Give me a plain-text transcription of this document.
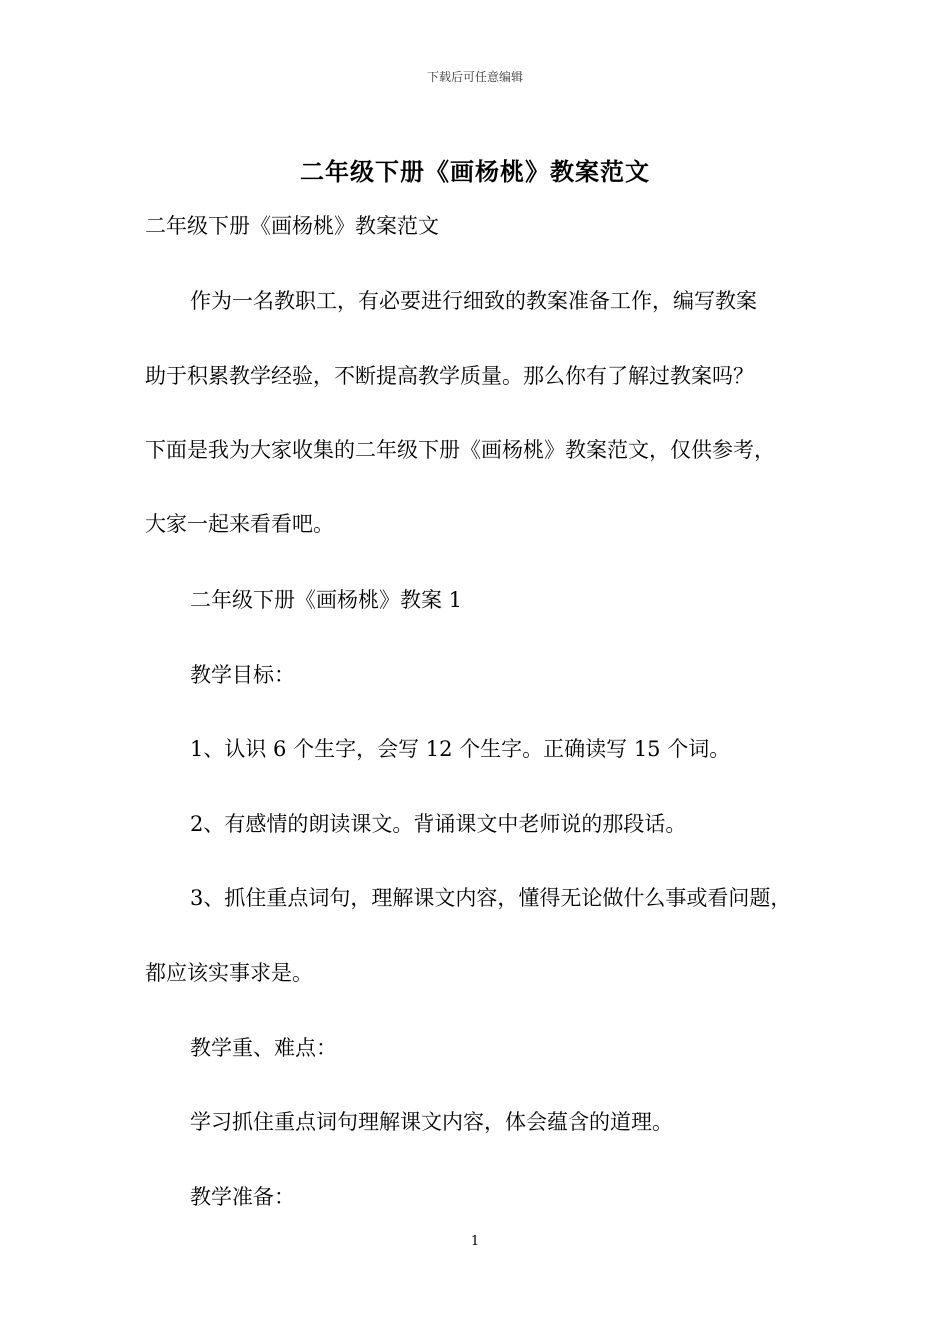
下载后可任意编辑
二年级下册《画杨桃》教案范文
二年级下册《画杨桃》教案范文
作为一名教职工，有必要进行细致的教案准备工作，编写教案
助于积累教学经验，不断提高教学质量。那么你有了解过教案吗？
下面是我为大家收集的二年级下册《画杨桃》教案范文，仅供参考，
大家一起来看看吧。
二年级下册《画杨桃》教案 1
教学目标：
1、认识 6 个生字，会写 12 个生字。正确读写 15 个词。
2、有感情的朗读课文。背诵课文中老师说的那段话。
3、抓住重点词句，理解课文内容，懂得无论做什么事或看问题，
都应该实事求是。
教学重、难点：
学习抓住重点词句理解课文内容，体会蕴含的道理。
教学准备：
1
